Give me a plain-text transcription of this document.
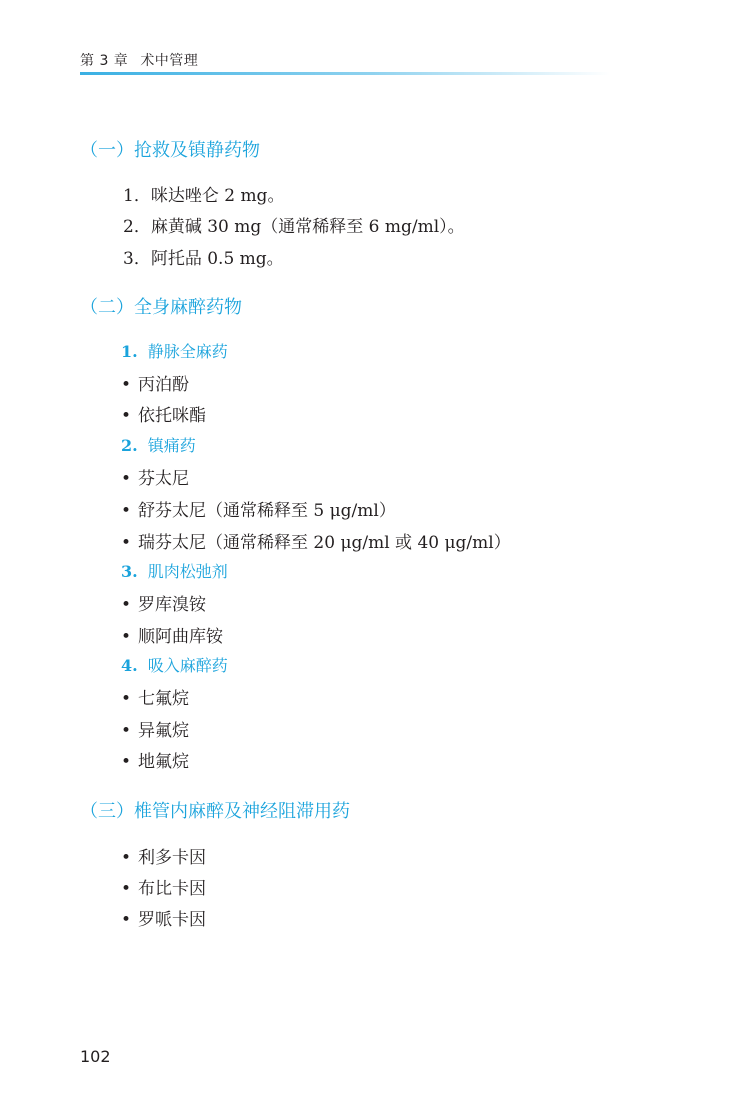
第 3 章 术中管理
（一）抢救及镇静药物
1．咪达唑仑 2 mg。
2．麻黄碱 30 mg（通常稀释至 6 mg/ml）。
3．阿托品 0.5 mg。
（二）全身麻醉药物
1. 静脉全麻药
• 丙泊酚
• 依托咪酯
2. 镇痛药
• 芬太尼
• 舒芬太尼（通常稀释至 5 μg/ml）
• 瑞芬太尼（通常稀释至 20 μg/ml 或 40 μg/ml）
3. 肌肉松弛剂
• 罗库溴铵
• 顺阿曲库铵
4. 吸入麻醉药
• 七氟烷
• 异氟烷
• 地氟烷
（三）椎管内麻醉及神经阻滞用药
• 利多卡因
• 布比卡因
• 罗哌卡因
102
